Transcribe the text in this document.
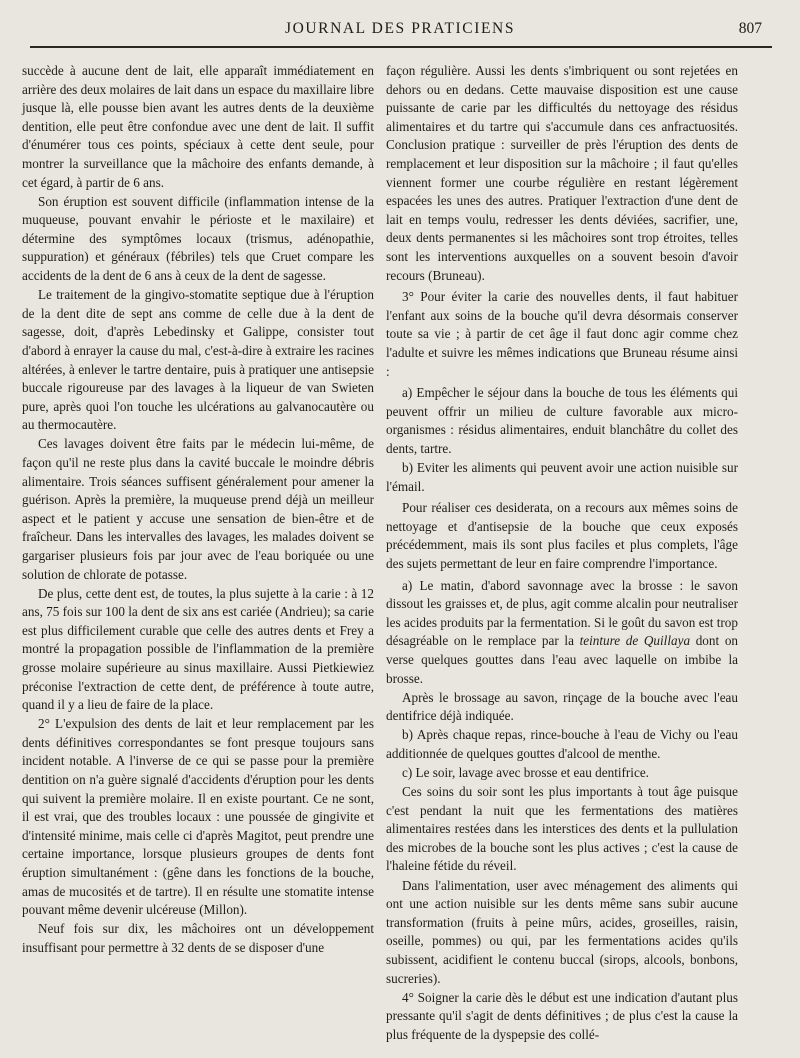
JOURNAL DES PRATICIENS	807

succède à aucune dent de lait, elle apparaît immédiatement en arrière des deux molaires de lait dans un espace du maxillaire libre jusque là, elle pousse bien avant les autres dents de la deuxième dentition, elle peut être confondue avec une dent de lait. Il suffit d'énumérer tous ces points, spéciaux à cette dent seule, pour montrer la surveillance que la mâchoire des enfants demande, à cet égard, à partir de 6 ans.

Son éruption est souvent difficile (inflammation intense de la muqueuse, pouvant envahir le périoste et le maxilaire) et détermine des symptômes locaux (trismus, adénopathie, suppuration) et généraux (fébriles) tels que Cruet compare les accidents de la dent de 6 ans à ceux de la dent de sagesse.

Le traitement de la gingivo-stomatite septique due à l'éruption de la dent dite de sept ans comme de celle due à la dent de sagesse, doit, d'après Lebedinsky et Galippe, consister tout d'abord à enrayer la cause du mal, c'est-à-dire à extraire les racines altérées, à enlever le tartre dentaire, puis à pratiquer une antisepsie buccale rigoureuse par des lavages à la liqueur de van Swieten pure, après quoi l'on touche les ulcérations au galvanocautère ou au thermocautère.

Ces lavages doivent être faits par le médecin lui-même, de façon qu'il ne reste plus dans la cavité buccale le moindre débris alimentaire. Trois séances suffisent généralement pour amener la guérison. Après la première, la muqueuse prend déjà un meilleur aspect et le patient y accuse une sensation de bien-être et de fraîcheur. Dans les intervalles des lavages, les malades doivent se gargariser plusieurs fois par jour avec de l'eau boriquée ou une solution de chlorate de potasse.

De plus, cette dent est, de toutes, la plus sujette à la carie : à 12 ans, 75 fois sur 100 la dent de six ans est cariée (Andrieu); sa carie est plus difficilement curable que celle des autres dents et Frey a montré la propagation possible de l'inflammation de la première grosse molaire supérieure au sinus maxillaire. Aussi Pietkiewiez préconise l'extraction de cette dent, de préférence à toute autre, quand il y a lieu de faire de la place.

2° L'expulsion des dents de lait et leur remplacement par les dents définitives correspondantes se font presque toujours sans incident notable. A l'inverse de ce qui se passe pour la première dentition on n'a guère signalé d'accidents d'éruption pour les dents qui suivent la première molaire. Il en existe pourtant. Ce ne sont, il est vrai, que des troubles locaux : une poussée de gingivite et d'intensité minime, mais celle ci d'après Magitot, peut prendre une certaine importance, lorsque plusieurs groupes de dents font éruption simultanément : (gêne dans les fonctions de la bouche, amas de mucosités et de tartre). Il en résulte une stomatite intense pouvant même devenir ulcéreuse (Millon).

Neuf fois sur dix, les mâchoires ont un développement insuffisant pour permettre à 32 dents de se disposer d'une

façon régulière. Aussi les dents s'imbriquent ou sont rejetées en dehors ou en dedans. Cette mauvaise disposition est une cause puissante de carie par les difficultés du nettoyage des résidus alimentaires et du tartre qui s'accumule dans ces anfractuosités. Conclusion pratique : surveiller de près l'éruption des dents de remplacement et leur disposition sur la mâchoire ; il faut qu'elles viennent former une courbe régulière en restant légèrement espacées les unes des autres. Pratiquer l'extraction d'une dent de lait en temps voulu, redresser les dents déviées, sacrifier, une, deux dents permanentes si les mâchoires sont trop étroites, telles sont les interventions auxquelles on a souvent besoin d'avoir recours (Bruneau).

3° Pour éviter la carie des nouvelles dents, il faut habituer l'enfant aux soins de la bouche qu'il devra désormais conserver toute sa vie ; à partir de cet âge il faut donc agir comme chez l'adulte et suivre les mêmes indications que Bruneau résume ainsi :

a) Empêcher le séjour dans la bouche de tous les éléments qui peuvent offrir un milieu de culture favorable aux micro-organismes : résidus alimentaires, enduit blanchâtre du collet des dents, tartre.

b) Eviter les aliments qui peuvent avoir une action nuisible sur l'émail.

Pour réaliser ces desiderata, on a recours aux mêmes soins de nettoyage et d'antisepsie de la bouche que ceux exposés précédemment, mais ils sont plus faciles et plus complets, l'âge des sujets permettant de leur en faire comprendre l'importance.

a) Le matin, d'abord savonnage avec la brosse : le savon dissout les graisses et, de plus, agit comme alcalin pour neutraliser les acides produits par la fermentation. Si le goût du savon est trop désagréable on le remplace par la teinture de Quillaya dont on verse quelques gouttes dans l'eau avec laquelle on imbibe la brosse.

Après le brossage au savon, rinçage de la bouche avec l'eau dentifrice déjà indiquée.

b) Après chaque repas, rince-bouche à l'eau de Vichy ou l'eau additionnée de quelques gouttes d'alcool de menthe.

c) Le soir, lavage avec brosse et eau dentifrice.

Ces soins du soir sont les plus importants à tout âge puisque c'est pendant la nuit que les fermentations des matières alimentaires restées dans les interstices des dents et la pullulation des microbes de la bouche sont les plus actives ; c'est la cause de l'haleine fétide du réveil.

Dans l'alimentation, user avec ménagement des aliments qui ont une action nuisible sur les dents même sans subir aucune transformation (fruits à peine mûrs, acides, groseilles, raisin, oseille, pommes) ou qui, par les fermentations acides qu'ils subissent, acidifient le contenu buccal (sirops, alcools, bonbons, sucreries).

4° Soigner la carie dès le début est une indication d'autant plus pressante qu'il s'agit de dents définitives ; de plus c'est la cause la plus fréquente de la dyspepsie des collé-
